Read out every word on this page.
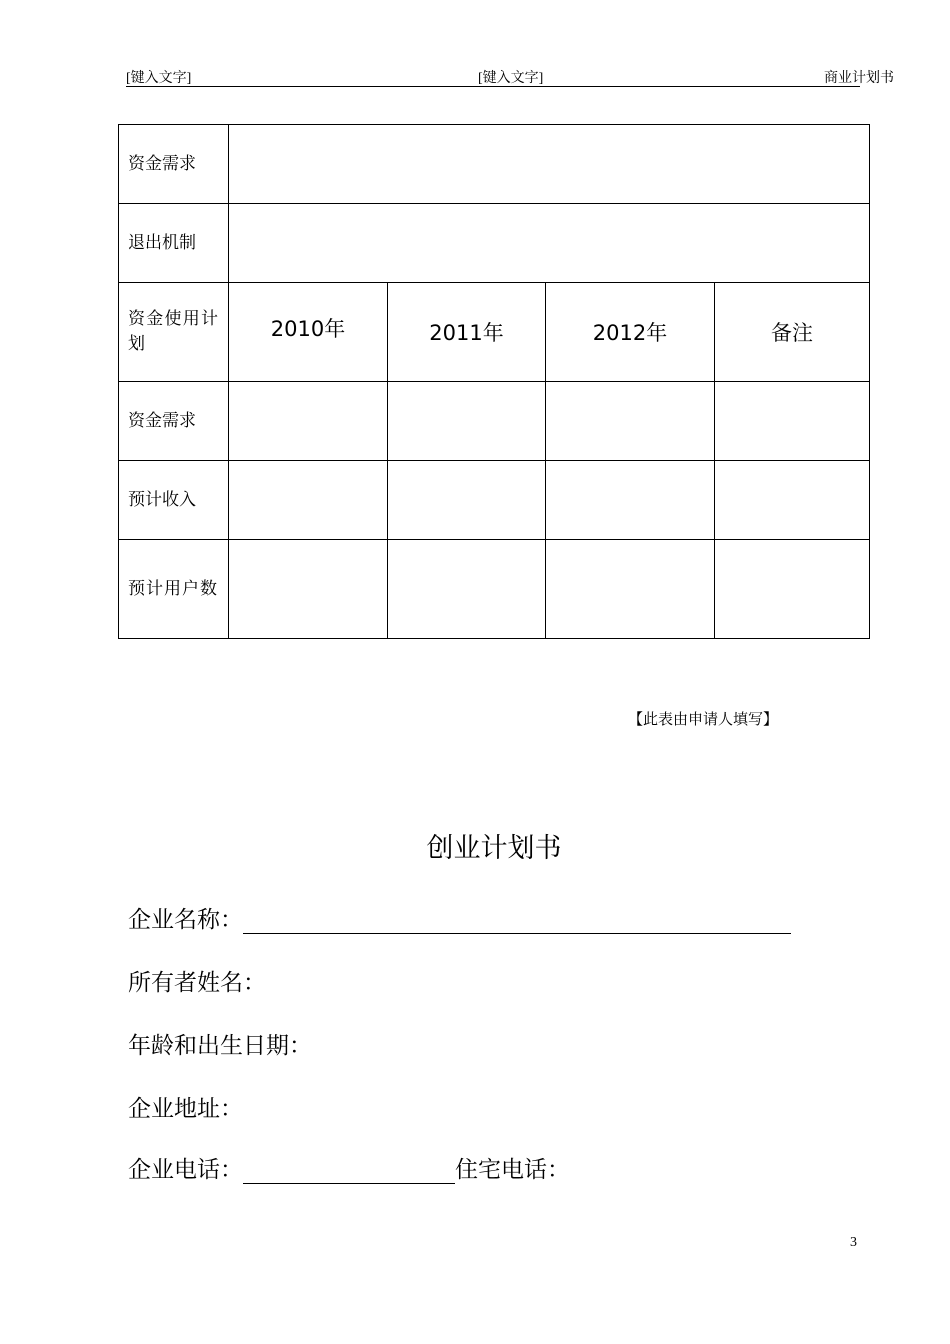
[键入文字]	[键入文字]	商业计划书
资金需求				
退出机制				
资金使用计划	2010年	2011年	2012年	备注
资金需求				
预计收入				
预计用户数				
【此表由申请人填写】
创业计划书
企业名称：
所有者姓名：
年龄和出生日期：
企业地址：
企业电话：	住宅电话：
3
